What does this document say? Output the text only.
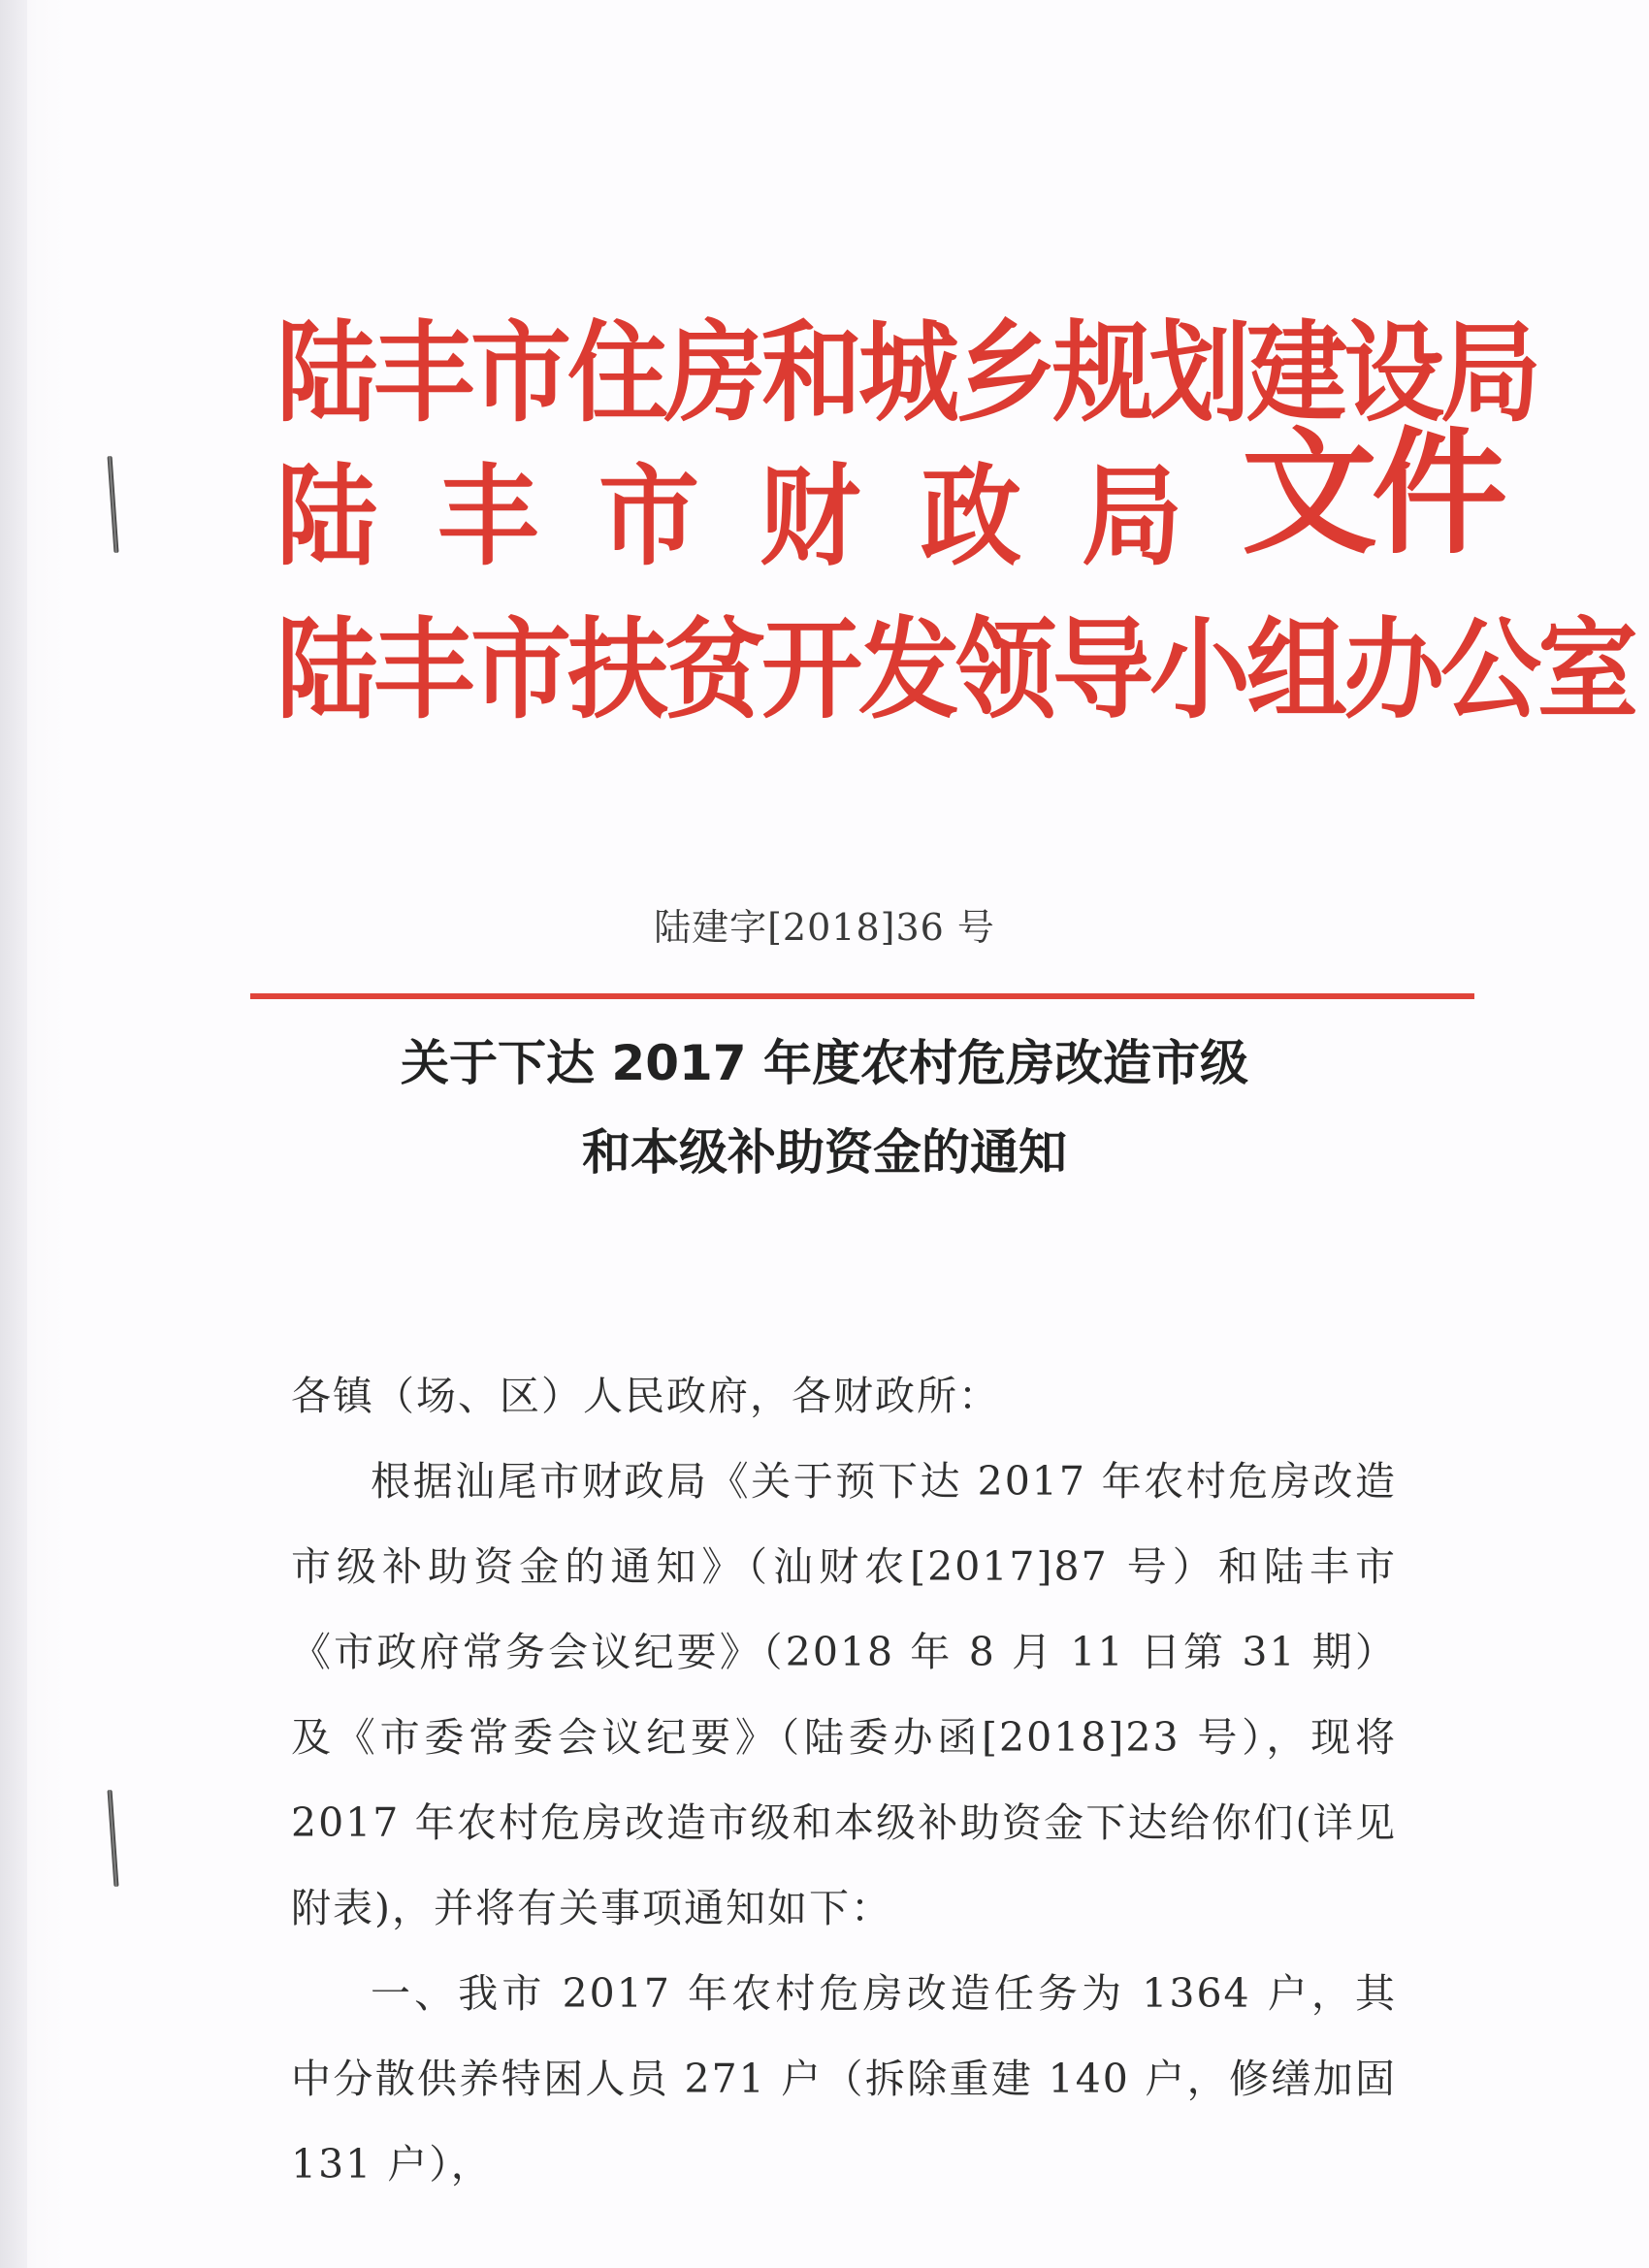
陆丰市住房和城乡规划建设局
陆丰市财政局
陆丰市扶贫开发领导小组办公室
文件
陆建字[2018]36 号
关于下达 2017 年度农村危房改造市级
和本级补助资金的通知

各镇（场、区）人民政府，各财政所：

根据汕尾市财政局《关于预下达 2017 年农村危房改造市级补助资金的通知》（汕财农[2017]87 号）和陆丰市《市政府常务会议纪要》（2018 年 8 月 11 日第 31 期）及《市委常委会议纪要》（陆委办函[2018]23 号），现将 2017 年农村危房改造市级和本级补助资金下达给你们(详见附表)，并将有关事项通知如下：

一、我市 2017 年农村危房改造任务为 1364 户，其中分散供养特困人员 271 户（拆除重建 140 户，修缮加固 131 户），
